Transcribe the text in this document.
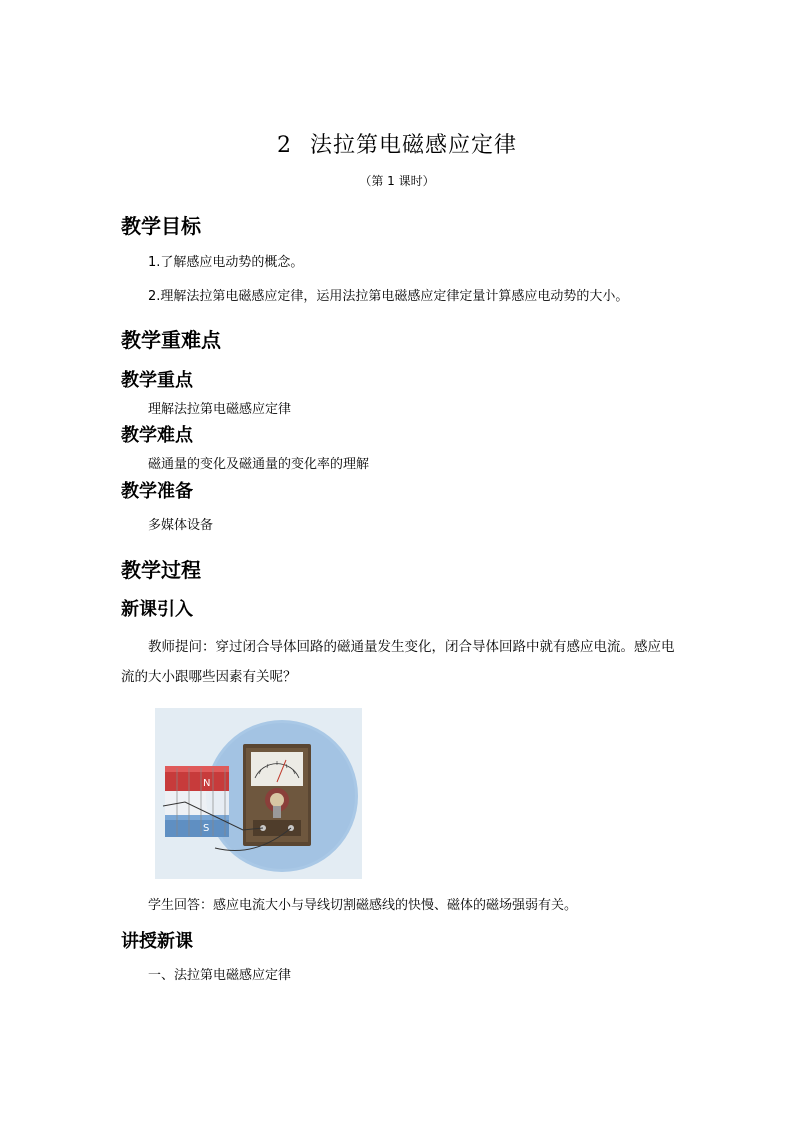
2 法拉第电磁感应定律
（第 1 课时）
教学目标
1.了解感应电动势的概念。
2.理解法拉第电磁感应定律，运用法拉第电磁感应定律定量计算感应电动势的大小。
教学重难点
教学重点
理解法拉第电磁感应定律
教学难点
磁通量的变化及磁通量的变化率的理解
教学准备
多媒体设备
教学过程
新课引入
教师提问：穿过闭合导体回路的磁通量发生变化，闭合导体回路中就有感应电流。感应电流的大小跟哪些因素有关呢？
N
S
学生回答：感应电流大小与导线切割磁感线的快慢、磁体的磁场强弱有关。
讲授新课
一、法拉第电磁感应定律
